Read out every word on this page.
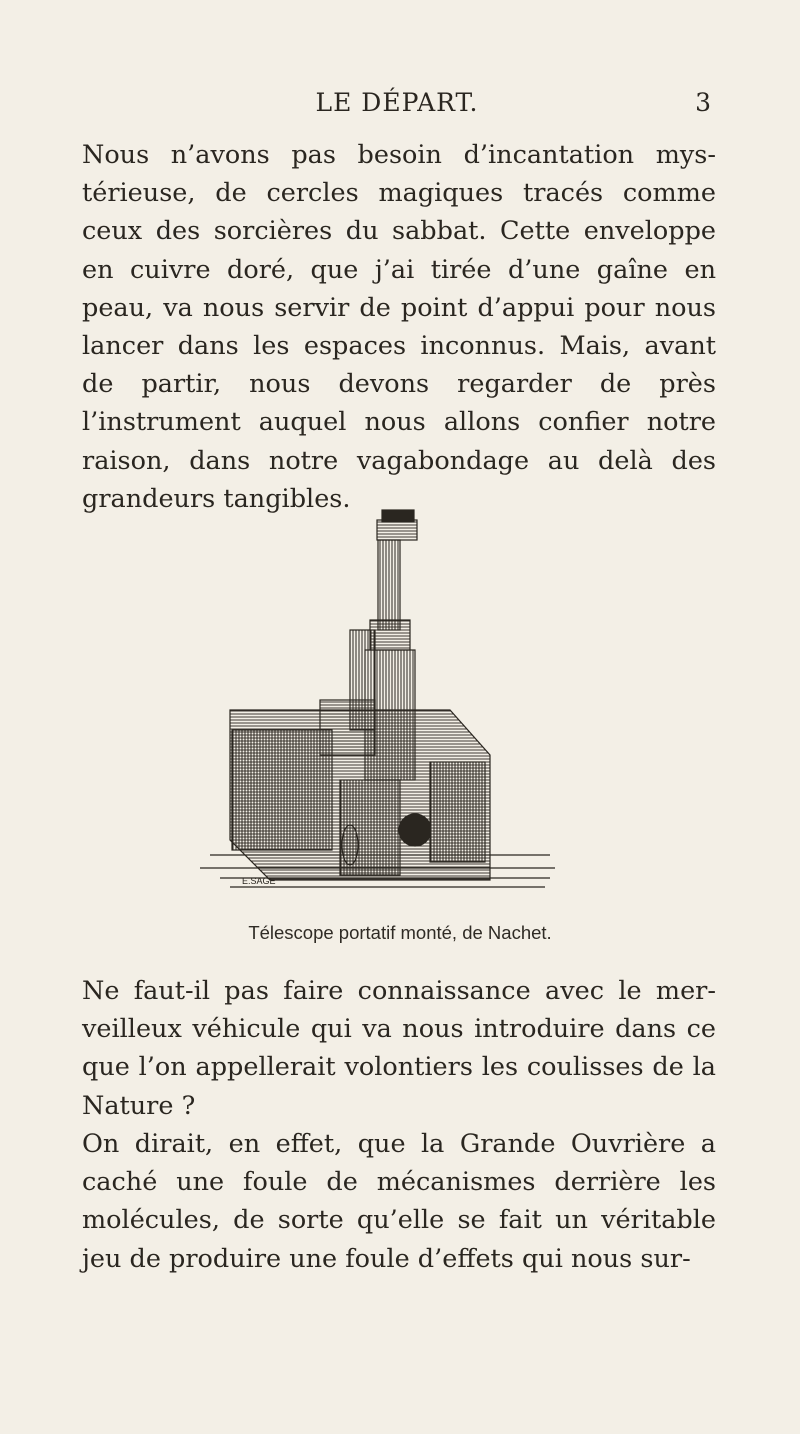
LE DÉPART.	3

Nous n’avons pas besoin d’incantation mystérieuse, de cercles magiques tracés comme ceux des sorcières du sabbat. Cette enveloppe en cuivre doré, que j’ai tirée d’une gaîne en peau, va nous servir de point d’appui pour nous lancer dans les espaces inconnus. Mais, avant de partir, nous devons regarder de près l’instrument auquel nous allons confier notre raison, dans notre vagabondage au delà des grandeurs tangibles.

E.SAGE
Télescope portatif monté, de Nachet.

Ne faut-il pas faire connaissance avec le merveilleux véhicule qui va nous introduire dans ce que l’on appellerait volontiers les coulisses de la Nature ?

On dirait, en effet, que la Grande Ouvrière a caché une foule de mécanismes derrière les molécules, de sorte qu’elle se fait un véritable jeu de produire une foule d’effets qui nous sur-
